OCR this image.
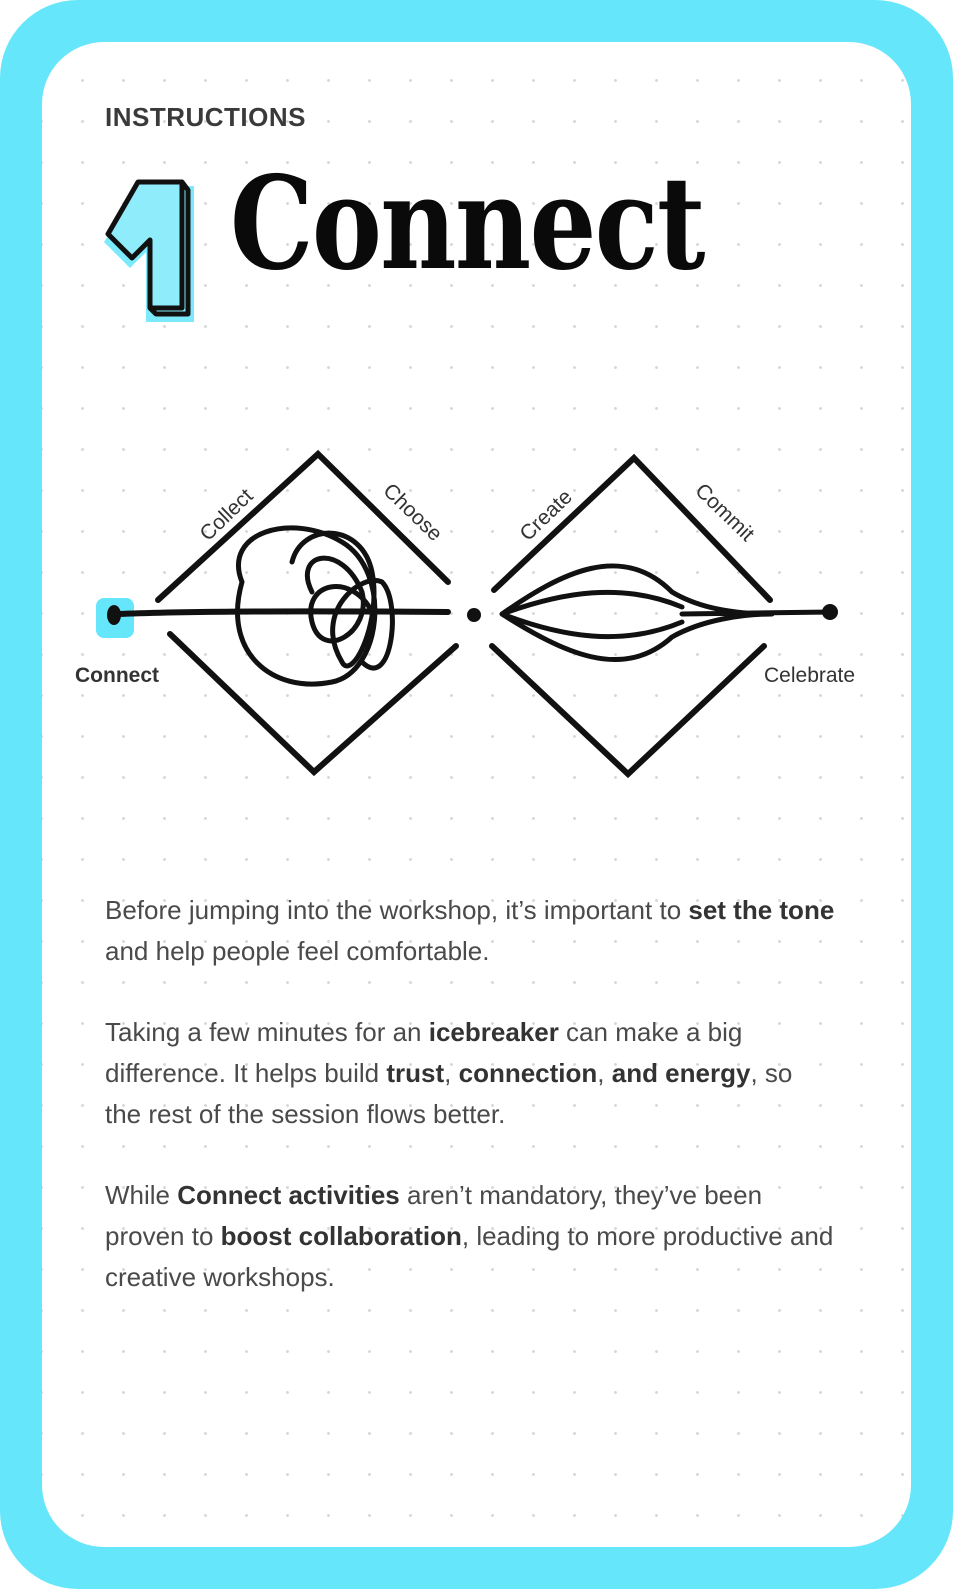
INSTRUCTIONS
1 Connect
Connect	Celebrate
Collect	Choose	Create	Commit

Before jumping into the workshop, it’s important to set the tone and help people feel comfortable.

Taking a few minutes for an icebreaker can make a big difference. It helps build trust, connection, and energy, so the rest of the session flows better.

While Connect activities aren’t mandatory, they’ve been proven to boost collaboration, leading to more productive and creative workshops.
